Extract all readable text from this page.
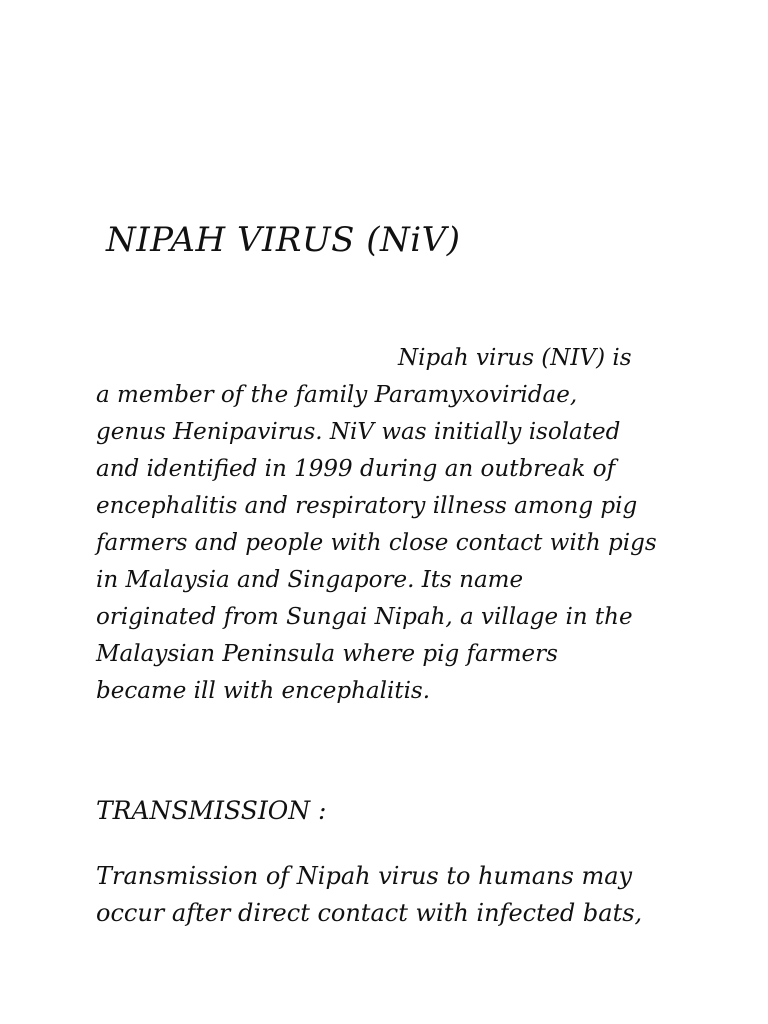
NIPAH VIRUS (NiV)
Nipah virus (NIV) is
a member of the family Paramyxoviridae,
genus Henipavirus. NiV was initially isolated
and identified in 1999 during an outbreak of
encephalitis and respiratory illness among pig
farmers and people with close contact with pigs
in Malaysia and Singapore. Its name
originated from Sungai Nipah, a village in the
Malaysian Peninsula where pig farmers
became ill with encephalitis.
TRANSMISSION :
Transmission of Nipah virus to humans may
occur after direct contact with infected bats,
